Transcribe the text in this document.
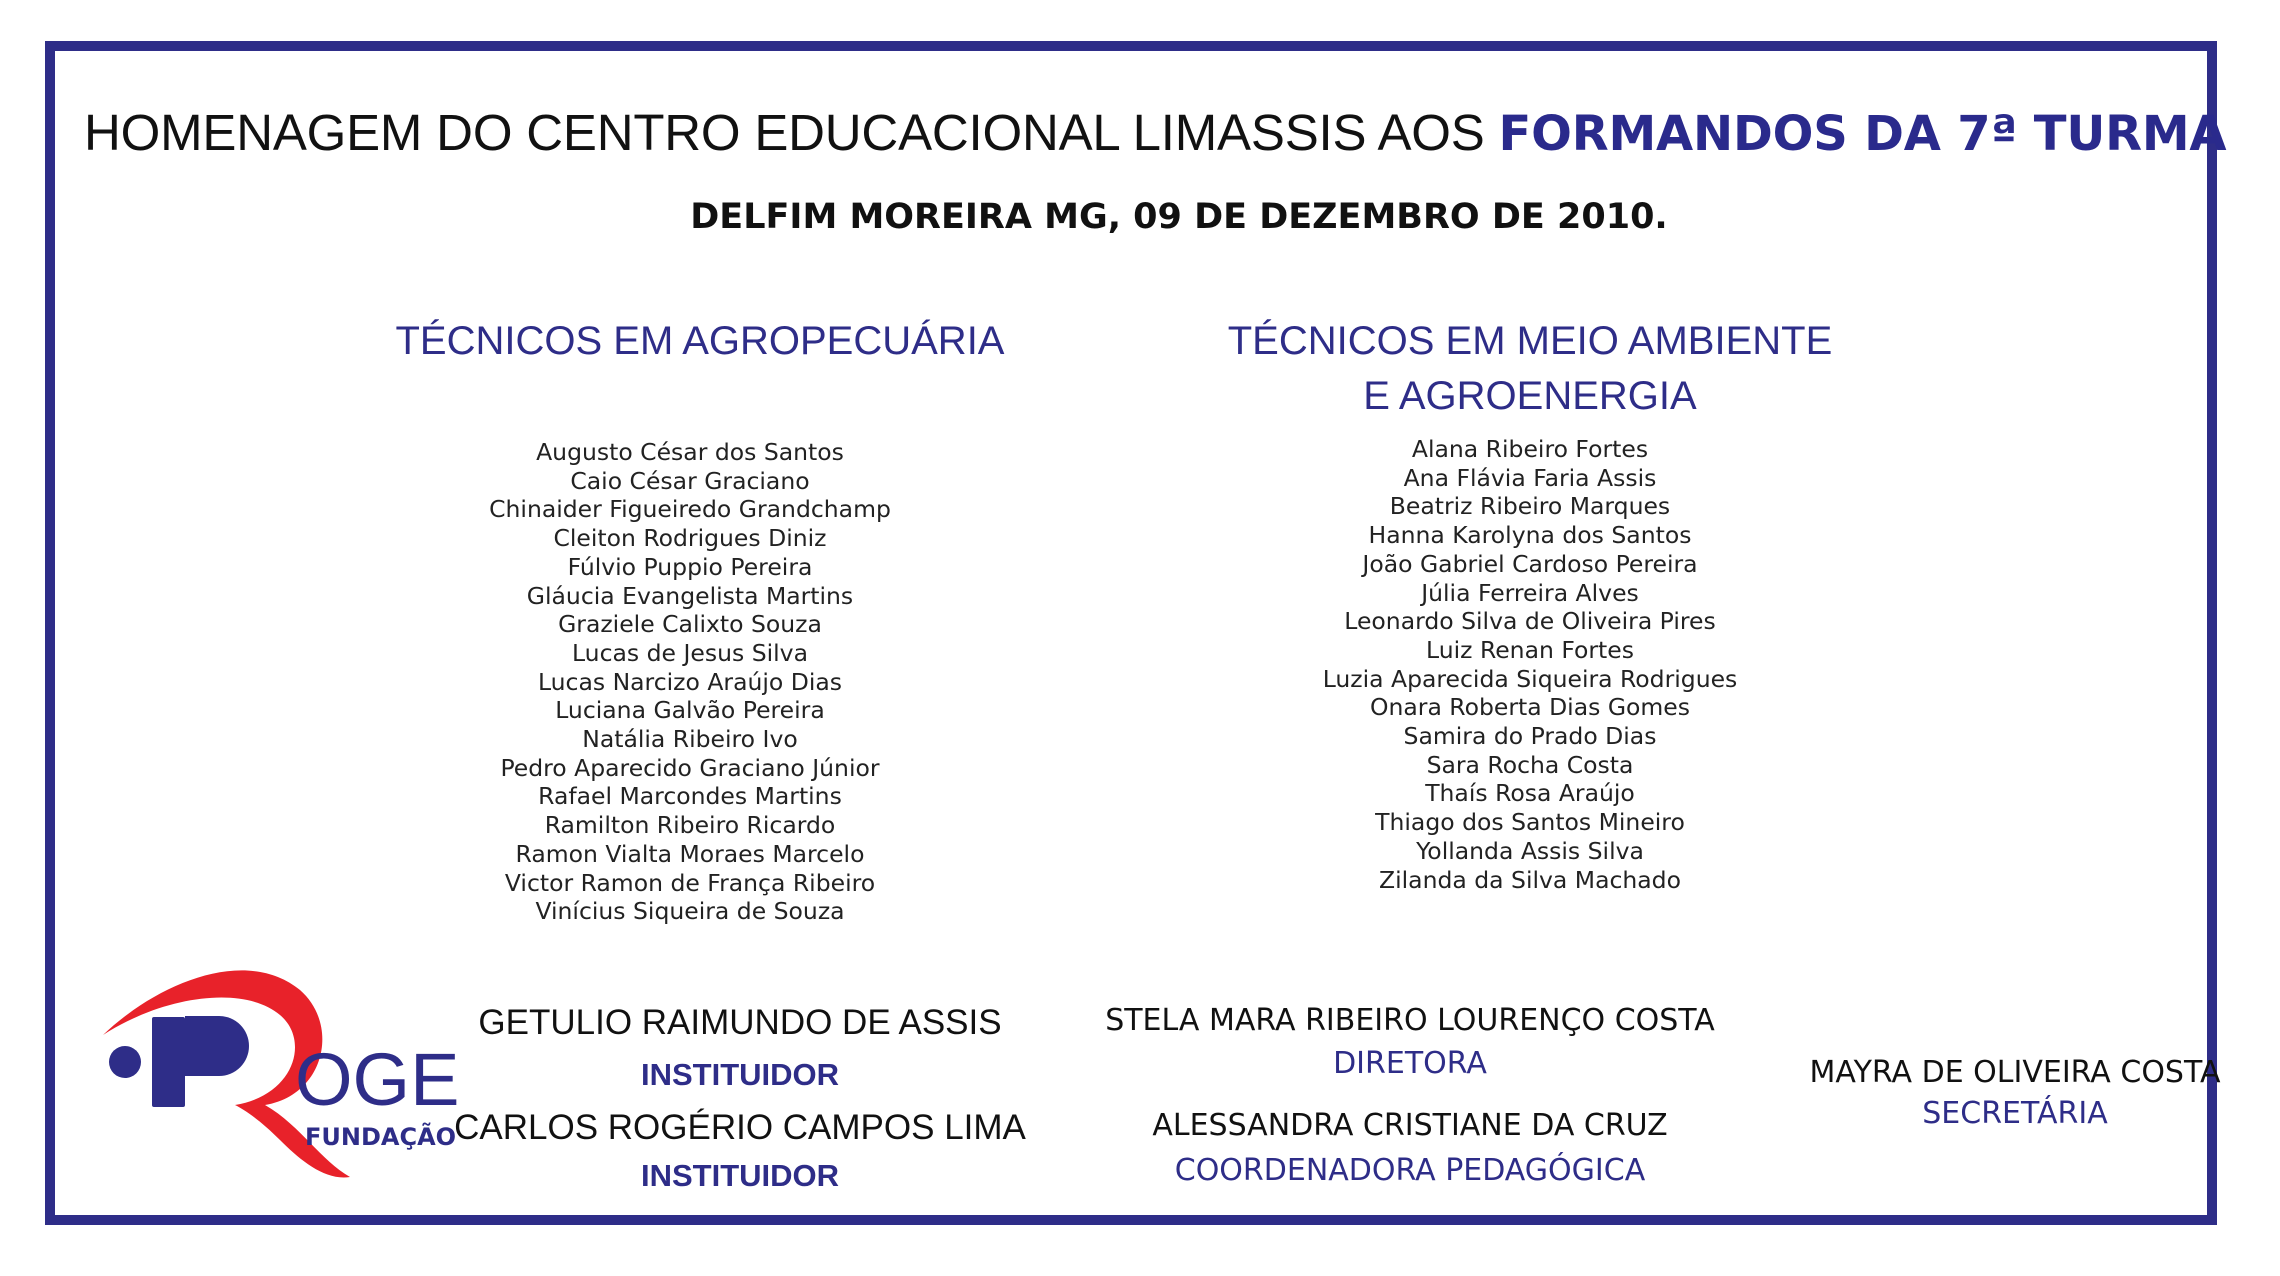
HOMENAGEM DO CENTRO EDUCACIONAL LIMASSIS AOS FORMANDOS DA 7ª TURMA
DELFIM MOREIRA MG, 09 DE DEZEMBRO DE 2010.
TÉCNICOS EM AGROPECUÁRIA	TÉCNICOS EM MEIO AMBIENTE
E AGROENERGIA
Augusto César dos Santos
Caio César Graciano
Chinaider Figueiredo Grandchamp
Cleiton Rodrigues Diniz
Fúlvio Puppio Pereira
Gláucia Evangelista Martins
Graziele Calixto Souza
Lucas de Jesus Silva
Lucas Narcizo Araújo Dias
Luciana Galvão Pereira
Natália Ribeiro Ivo
Pedro Aparecido Graciano Júnior
Rafael Marcondes Martins
Ramilton Ribeiro Ricardo
Ramon Vialta Moraes Marcelo
Victor Ramon de França Ribeiro
Vinícius Siqueira de Souza
Alana Ribeiro Fortes
Ana Flávia Faria Assis
Beatriz Ribeiro Marques
Hanna Karolyna dos Santos
João Gabriel Cardoso Pereira
Júlia Ferreira Alves
Leonardo Silva de Oliveira Pires
Luiz Renan Fortes
Luzia Aparecida Siqueira Rodrigues
Onara Roberta Dias Gomes
Samira do Prado Dias
Sara Rocha Costa
Thaís Rosa Araújo
Thiago dos Santos Mineiro
Yollanda Assis Silva
Zilanda da Silva Machado
OGE
FUNDAÇÃO
GETULIO RAIMUNDO DE ASSIS
INSTITUIDOR
CARLOS ROGÉRIO CAMPOS LIMA
INSTITUIDOR
STELA MARA RIBEIRO LOURENÇO COSTA
DIRETORA
ALESSANDRA CRISTIANE DA CRUZ
COORDENADORA PEDAGÓGICA
MAYRA DE OLIVEIRA COSTA
SECRETÁRIA
